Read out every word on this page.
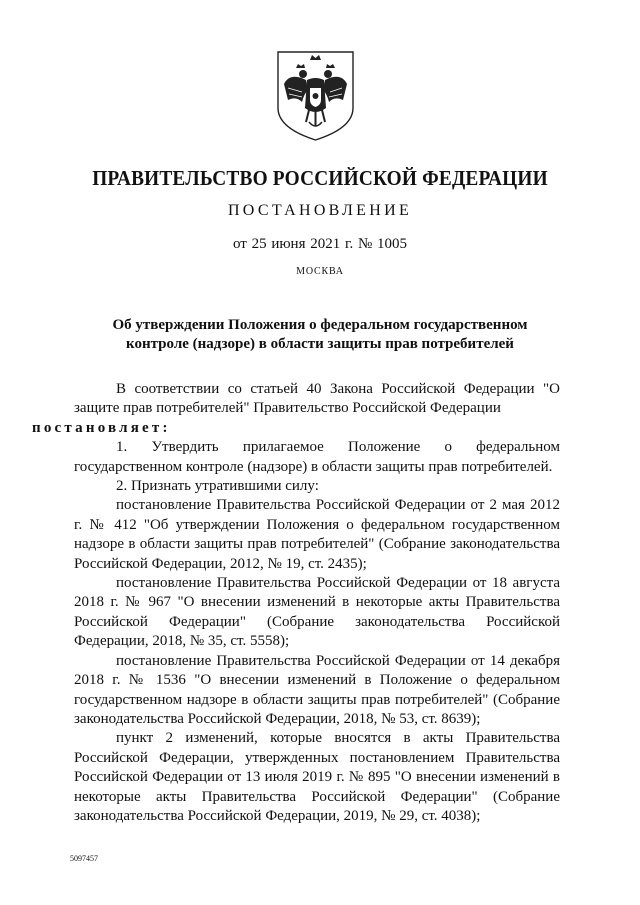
ПРАВИТЕЛЬСТВО РОССИЙСКОЙ ФЕДЕРАЦИИ
ПОСТАНОВЛЕНИЕ
от 25 июня 2021 г. № 1005
МОСКВА
Об утверждении Положения о федеральном государственном
контроле (надзоре) в области защиты прав потребителей

В соответствии со статьей 40 Закона Российской Федерации "О защите прав потребителей" Правительство Российской Федерации
постановляет:

1. Утвердить прилагаемое Положение о федеральном государственном контроле (надзоре) в области защиты прав потребителей.

2. Признать утратившими силу:

постановление Правительства Российской Федерации от 2 мая 2012 г. № 412 "Об утверждении Положения о федеральном государственном надзоре в области защиты прав потребителей" (Собрание законодательства Российской Федерации, 2012, № 19, ст. 2435);

постановление Правительства Российской Федерации от 18 августа 2018 г. № 967 "О внесении изменений в некоторые акты Правительства Российской Федерации" (Собрание законодательства Российской Федерации, 2018, № 35, ст. 5558);

постановление Правительства Российской Федерации от 14 декабря 2018 г. № 1536 "О внесении изменений в Положение о федеральном государственном надзоре в области защиты прав потребителей" (Собрание законодательства Российской Федерации, 2018, № 53, ст. 8639);

пункт 2 изменений, которые вносятся в акты Правительства Российской Федерации, утвержденных постановлением Правительства Российской Федерации от 13 июля 2019 г. № 895 "О внесении изменений в некоторые акты Правительства Российской Федерации" (Собрание законодательства Российской Федерации, 2019, № 29, ст. 4038);

5097457
